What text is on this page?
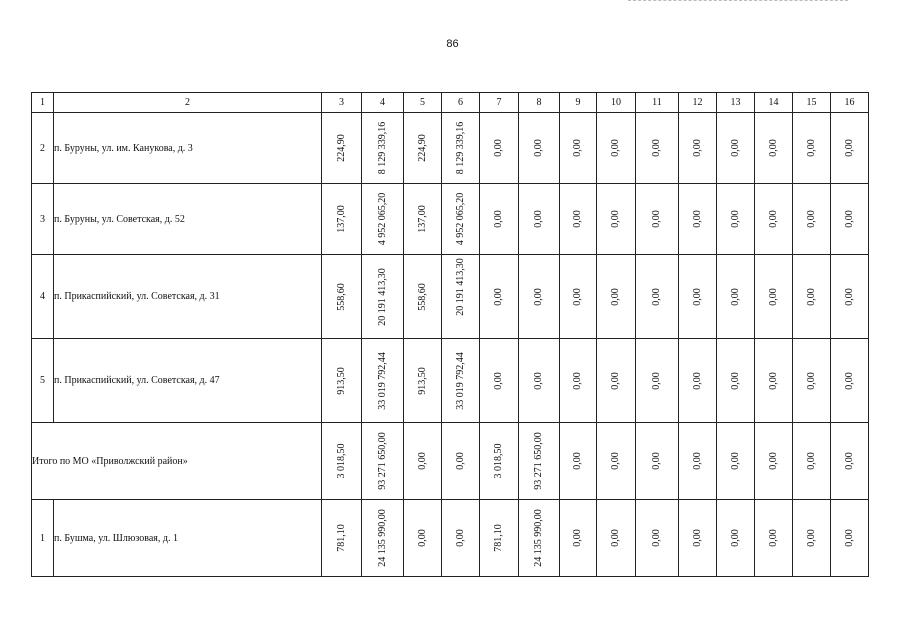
86
1	2	3	4	5	6	7	8	9	10	11	12	13	14	15	16
2	п. Буруны, ул. им. Канукова, д. 3	224,90	8 129 339,16	224,90	8 129 339,16	0,00	0,00	0,00	0,00	0,00	0,00	0,00	0,00	0,00	0,00

3	п. Буруны, ул. Советская, д. 52	137,00	4 952 065,20	137,00	4 952 065,20	0,00	0,00	0,00	0,00	0,00	0,00	0,00	0,00	0,00	0,00

4	п. Прикаспийский, ул. Советская, д. 31	558,60	20 191 413,30	558,60	20 191 413,30	0,00	0,00	0,00	0,00	0,00	0,00	0,00	0,00	0,00	0,00

5	п. Прикаспийский, ул. Советская, д. 47	913,50	33 019 792,44	913,50	33 019 792,44	0,00	0,00	0,00	0,00	0,00	0,00	0,00	0,00	0,00	0,00

Итого по МО «Приволжский район»		3 018,50	93 271 650,00	0,00	0,00	3 018,50	93 271 650,00	0,00	0,00	0,00	0,00	0,00	0,00	0,00	0,00

1	п. Бушма, ул. Шлюзовая, д. 1	781,10	24 135 990,00	0,00	0,00	781,10	24 135 990,00	0,00	0,00	0,00	0,00	0,00	0,00	0,00	0,00
